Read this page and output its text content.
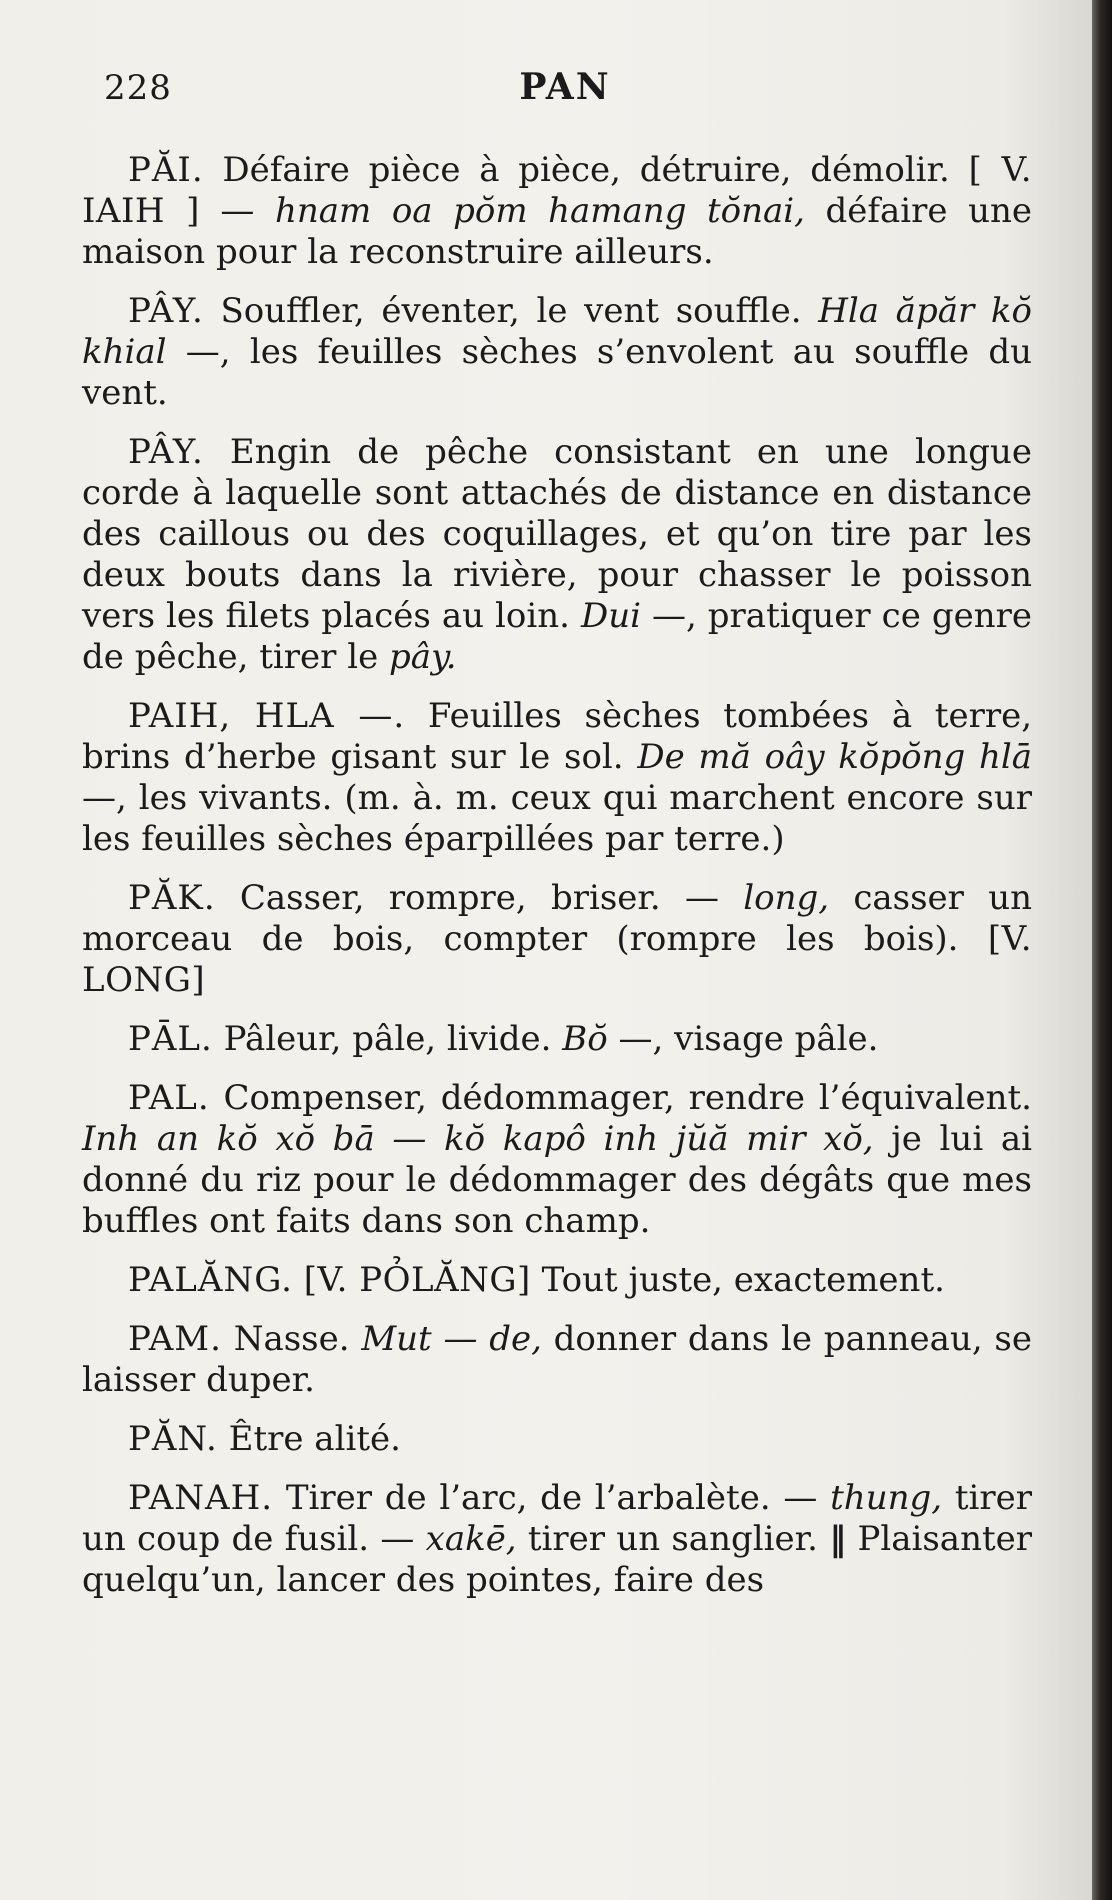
228	PAN

PĂI. Défaire pièce à pièce, détruire, démolir. [ V. IAIH ] — hnam oa pŏm hamang tŏnai, défaire une maison pour la reconstruire ailleurs.

PÂY. Souffler, éventer, le vent souffle. Hla ăpăr kŏ khial —, les feuilles sèches s’envolent au souffle du vent.

PÂY. Engin de pêche consistant en une longue corde à laquelle sont attachés de distance en distance des caillous ou des coquillages, et qu’on tire par les deux bouts dans la rivière, pour chasser le poisson vers les filets placés au loin. Dui —, pratiquer ce genre de pêche, tirer le pây.

PAIH, HLA —. Feuilles sèches tombées à terre, brins d’herbe gisant sur le sol. De mă oây kŏpŏng hlā —, les vivants. (m. à. m. ceux qui marchent encore sur les feuilles sèches éparpillées par terre.)

PĂK. Casser, rompre, briser. — long, casser un morceau de bois, compter (rompre les bois). [V. LONG]

PĀL. Pâleur, pâle, livide. Bŏ —, visage pâle.

PAL. Compenser, dédommager, rendre l’équivalent. Inh an kŏ xŏ bā — kŏ kapô inh jŭă mir xŏ, je lui ai donné du riz pour le dédommager des dégâts que mes buffles ont faits dans son champ.

PALĂNG. [V. PỎLĂNG] Tout juste, exactement.

PAM. Nasse. Mut — de, donner dans le panneau, se laisser duper.

PĂN. Être alité.

PANAH. Tirer de l’arc, de l’arbalète. — thung, tirer un coup de fusil. — xakē, tirer un sanglier. ‖ Plaisanter quelqu’un, lancer des pointes, faire des
